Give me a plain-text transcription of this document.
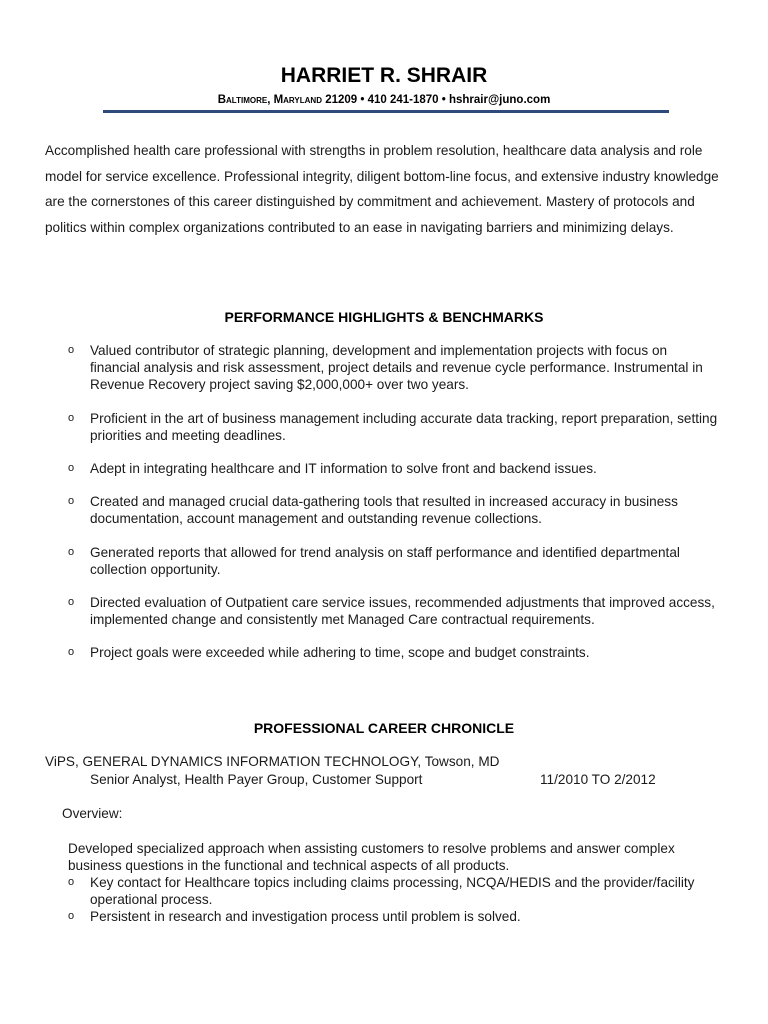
HARRIET R. SHRAIR
Baltimore, Maryland 21209 • 410 241-1870 • hshrair@juno.com

Accomplished health care professional with strengths in problem resolution, healthcare data analysis and role model for service excellence. Professional integrity, diligent bottom-line focus, and extensive industry knowledge are the cornerstones of this career distinguished by commitment and achievement. Mastery of protocols and politics within complex organizations contributed to an ease in navigating barriers and minimizing delays.

PERFORMANCE HIGHLIGHTS & BENCHMARKS
o Valued contributor of strategic planning, development and implementation projects with focus on financial analysis and risk assessment, project details and revenue cycle performance. Instrumental in Revenue Recovery project saving $2,000,000+ over two years.
o Proficient in the art of business management including accurate data tracking, report preparation, setting priorities and meeting deadlines.
o Adept in integrating healthcare and IT information to solve front and backend issues.
o Created and managed crucial data-gathering tools that resulted in increased accuracy in business documentation, account management and outstanding revenue collections.
o Generated reports that allowed for trend analysis on staff performance and identified departmental collection opportunity.
o Directed evaluation of Outpatient care service issues, recommended adjustments that improved access, implemented change and consistently met Managed Care contractual requirements.
o Project goals were exceeded while adhering to time, scope and budget constraints.
PROFESSIONAL CAREER CHRONICLE
ViPS, GENERAL DYNAMICS INFORMATION TECHNOLOGY, Towson, MD
Senior Analyst, Health Payer Group, Customer Support	11/2010 TO 2/2012
Overview:

Developed specialized approach when assisting customers to resolve problems and answer complex business questions in the functional and technical aspects of all products.

o Key contact for Healthcare topics including claims processing, NCQA/HEDIS and the provider/facility operational process.
o Persistent in research and investigation process until problem is solved.
